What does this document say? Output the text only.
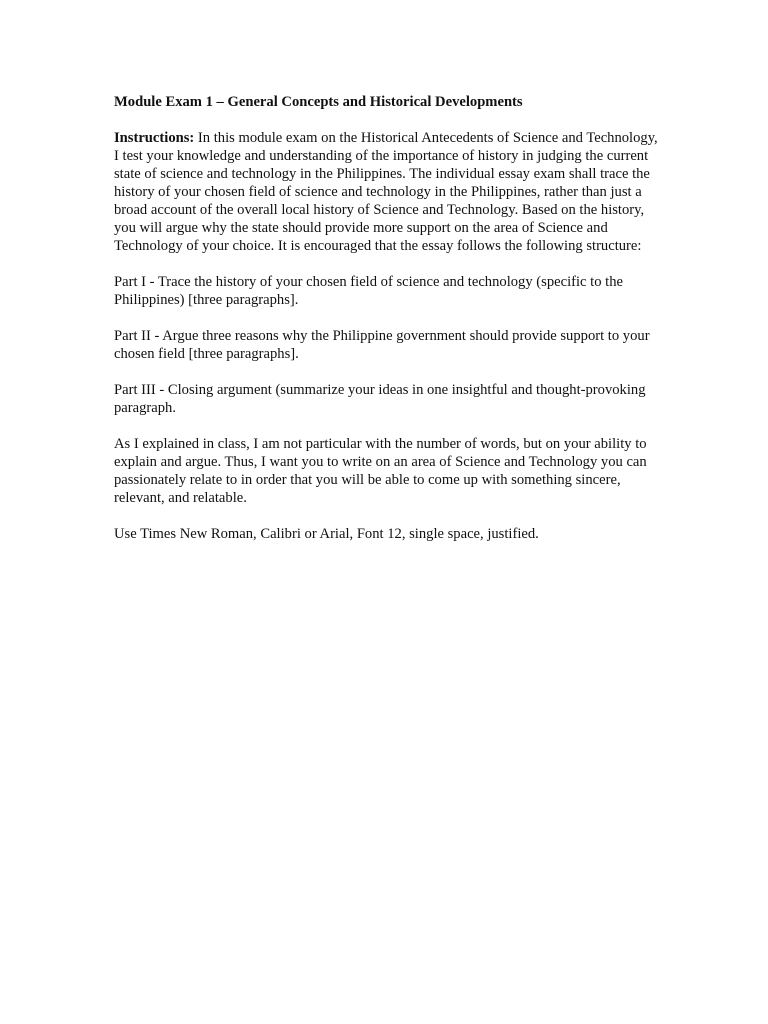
Module Exam 1 – General Concepts and Historical Developments

Instructions: In this module exam on the Historical Antecedents of Science and Technology, I test your knowledge and understanding of the importance of history in judging the current state of science and technology in the Philippines. The individual essay exam shall trace the history of your chosen field of science and technology in the Philippines, rather than just a broad account of the overall local history of Science and Technology. Based on the history, you will argue why the state should provide more support on the area of Science and Technology of your choice. It is encouraged that the essay follows the following structure:

Part I - Trace the history of your chosen field of science and technology (specific to the Philippines) [three paragraphs].

Part II - Argue three reasons why the Philippine government should provide support to your chosen field [three paragraphs].

Part III - Closing argument (summarize your ideas in one insightful and thought-provoking paragraph.

As I explained in class, I am not particular with the number of words, but on your ability to explain and argue. Thus, I want you to write on an area of Science and Technology you can passionately relate to in order that you will be able to come up with something sincere, relevant, and relatable.

Use Times New Roman, Calibri or Arial, Font 12, single space, justified.
